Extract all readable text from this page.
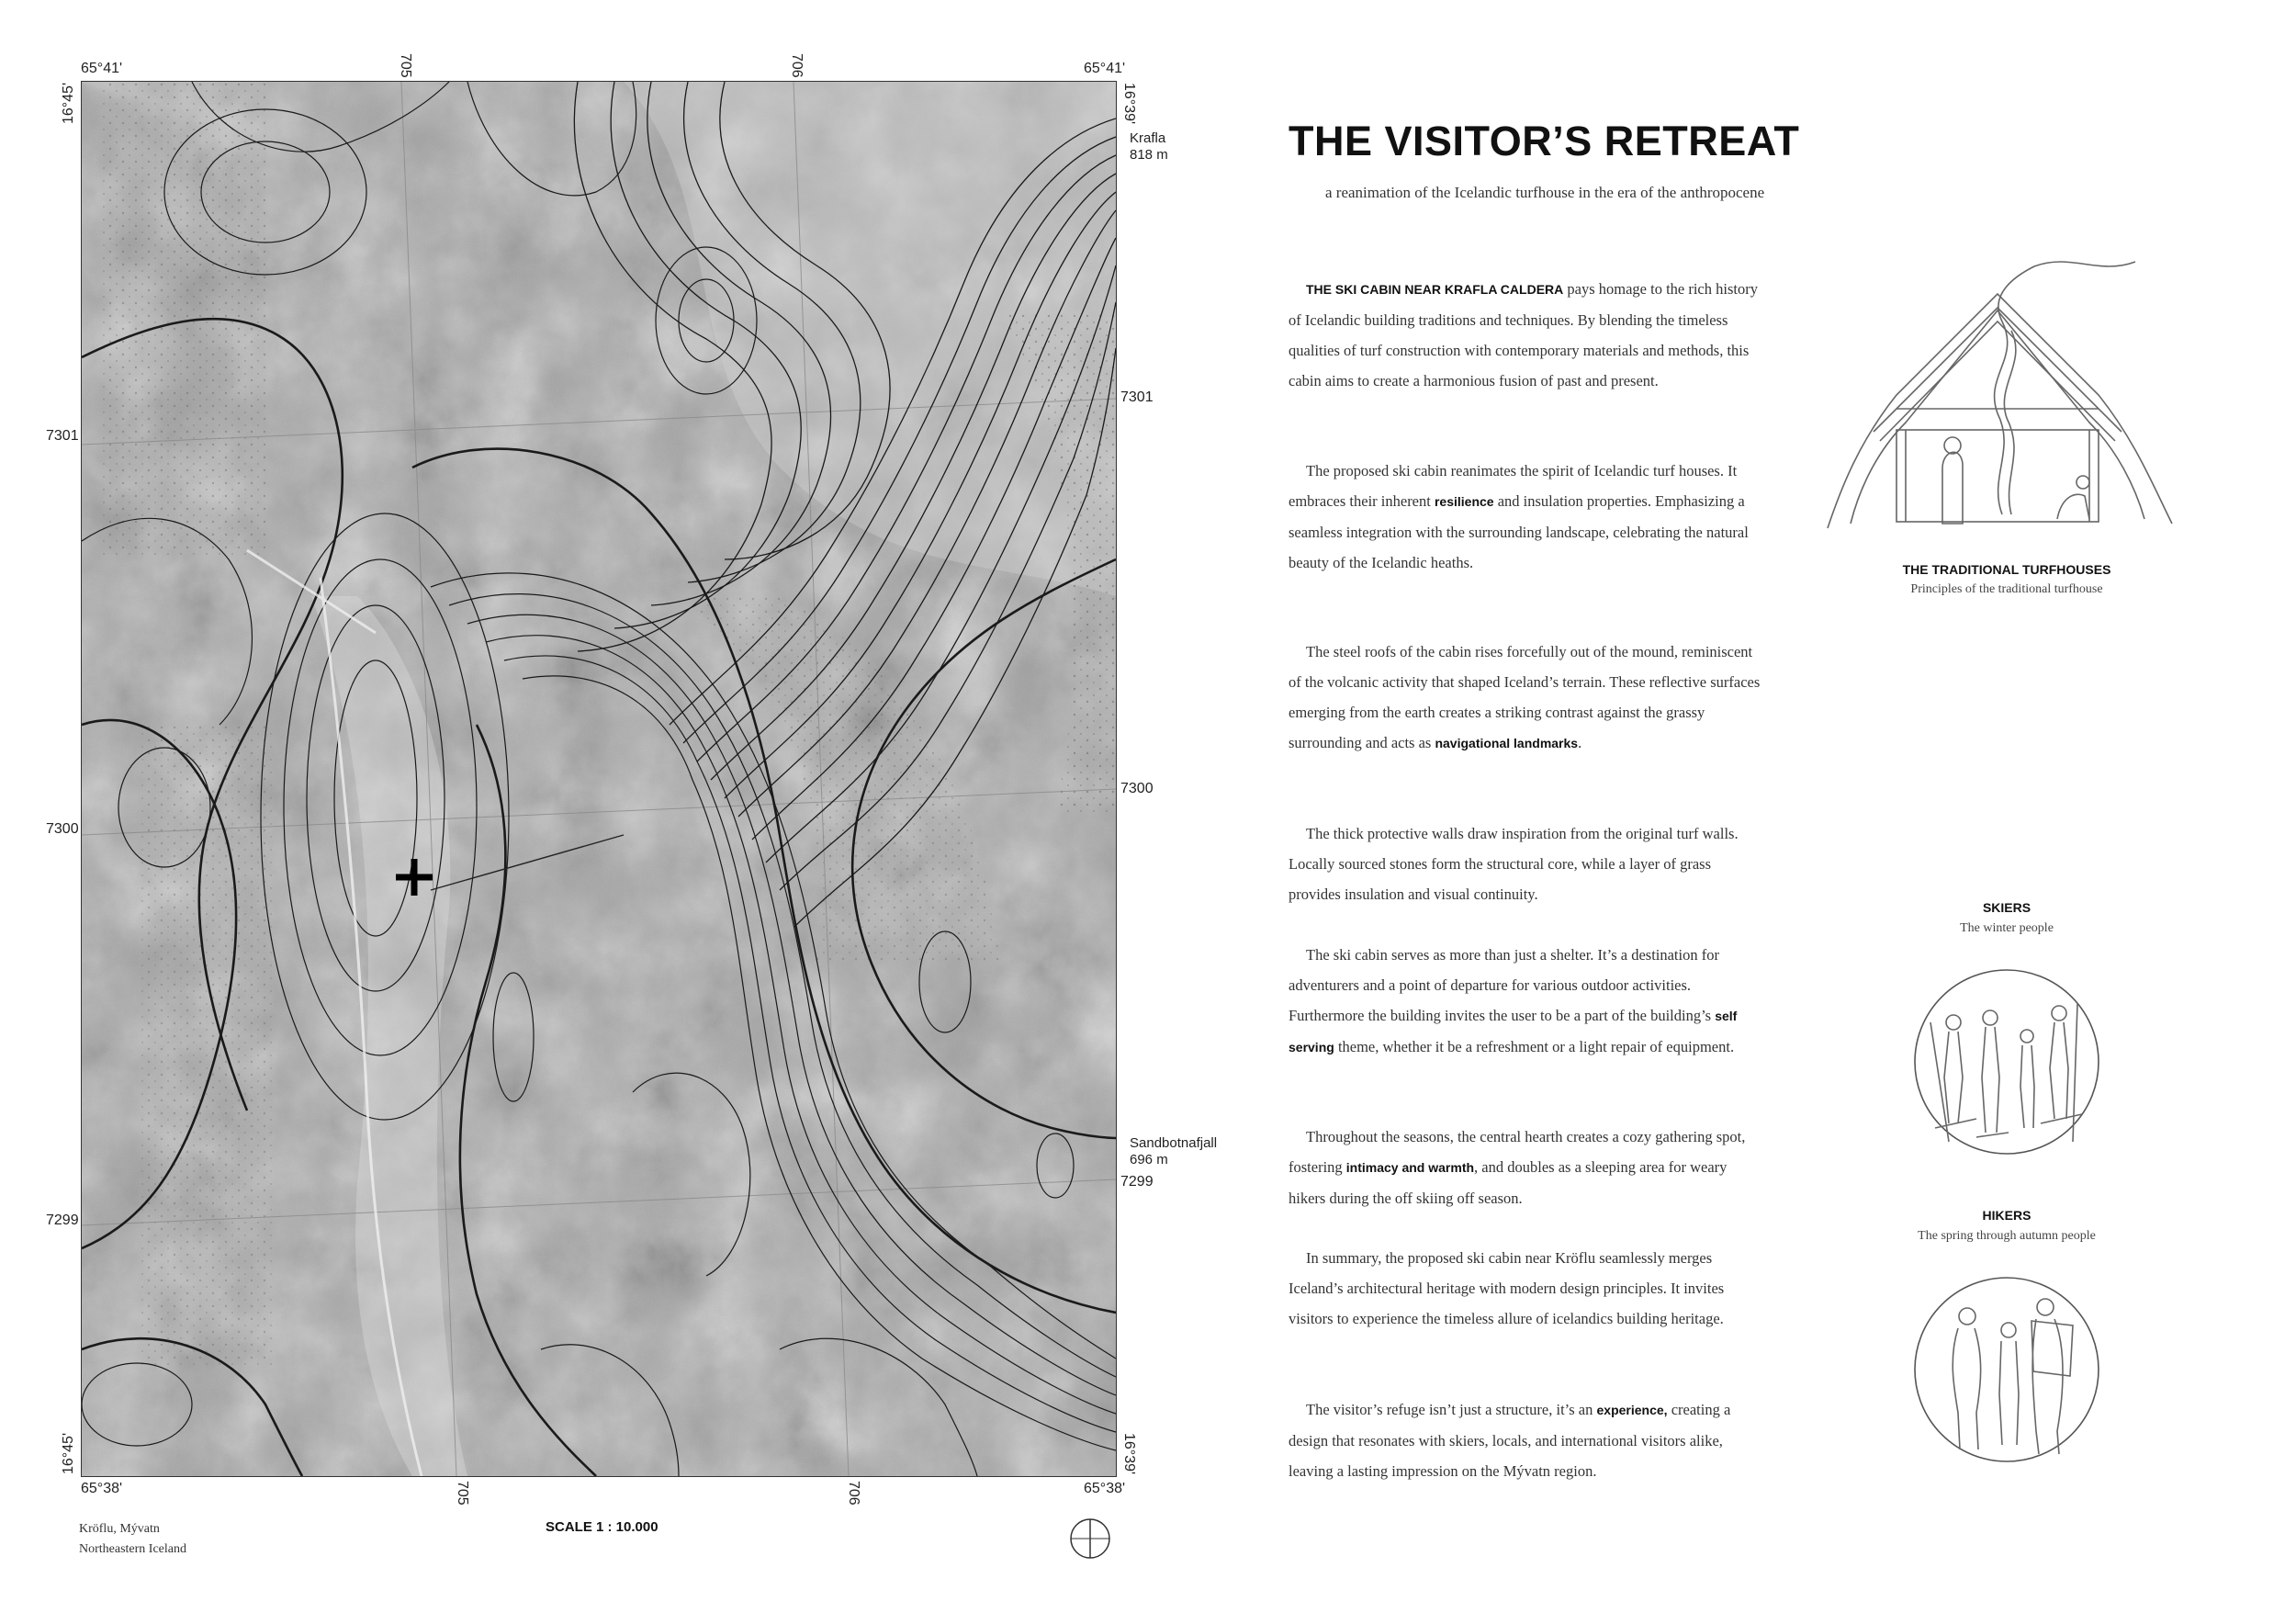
65°41'	65°41'
65°38'	65°38'
16°45'	16°39'
16°45'	16°39'
705	706
705	706
7301
7300
7299
7301
7300
7299
Krafla
818 m
Sandbotnafjall
696 m
Kröflu, Mývatn
Northeastern Iceland
SCALE 1 : 10.000
THE VISITOR’S RETREAT
a reanimation of the Icelandic turfhouse in the era of the anthropocene

THE SKI CABIN NEAR KRAFLA CALDERA pays homage to the rich history of Icelandic building traditions and techniques. By blending the timeless qualities of turf construction with contemporary materials and methods, this cabin aims to create a harmonious fusion of past and present.

The proposed ski cabin reanimates the spirit of Icelandic turf houses. It embraces their inherent resilience and insulation properties. Emphasizing a seamless integration with the surrounding landscape, celebrating the natural beauty of the Icelandic heaths.

The steel roofs of the cabin rises forcefully out of the mound, reminiscent of the volcanic activity that shaped Iceland’s terrain. These reflective surfaces emerging from the earth creates a striking contrast against the grassy surrounding and acts as navigational landmarks.

The thick protective walls draw inspiration from the original turf walls. Locally sourced stones form the structural core, while a layer of grass provides insulation and visual continuity.

The ski cabin serves as more than just a shelter. It’s a destination for adventurers and a point of departure for various outdoor activities. Furthermore the building invites the user to be a part of the building’s self serving theme, whether it be a refreshment or a light repair of equipment.

Throughout the seasons, the central hearth creates a cozy gathering spot, fostering intimacy and warmth, and doubles as a sleeping area for weary hikers during the off skiing off season.

In summary, the proposed ski cabin near Kröflu seamlessly merges Iceland’s architectural heritage with modern design principles. It invites visitors to experience the timeless allure of icelandics building heritage.

The visitor’s refuge isn’t just a structure, it’s an experience, creating a design that resonates with skiers, locals, and international visitors alike, leaving a lasting impression on the Mývatn region.

THE TRADITIONAL TURFHOUSES
Principles of the traditional turfhouse
SKIERS
The winter people
HIKERS
The spring through autumn people
